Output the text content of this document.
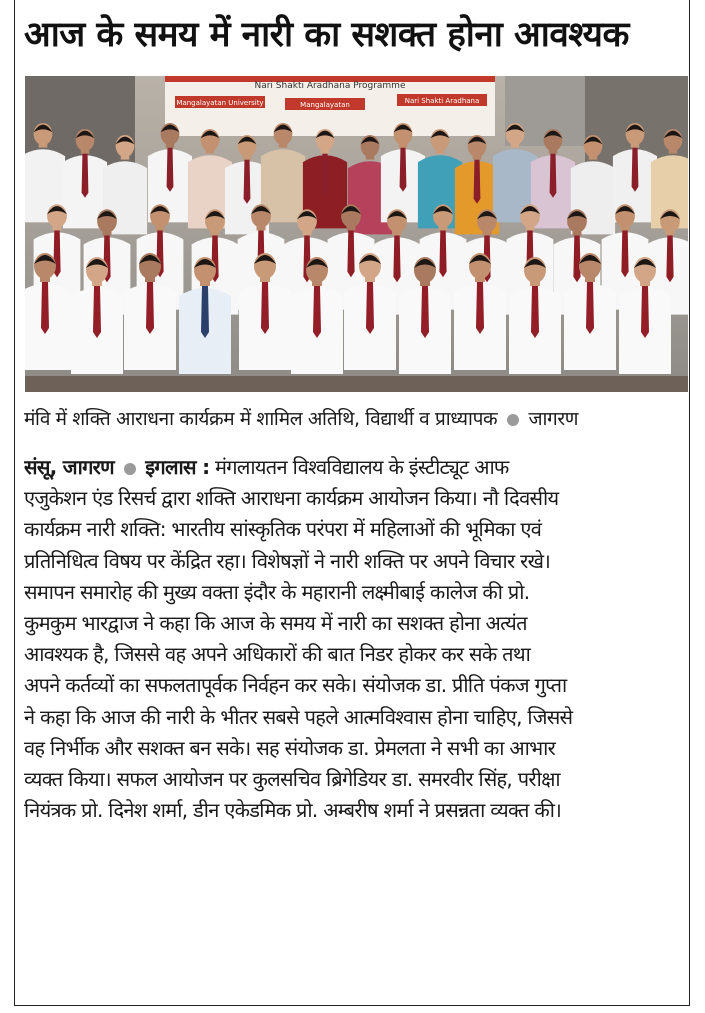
आज के समय में नारी का सशक्त होना आवश्यक
Nari Shakti Aradhana Programme
Mangalayatan University	Mangalayatan	Nari Shakti Aradhana
मंवि में शक्ति आराधना कार्यक्रम में शामिल अतिथि, विद्यार्थी व प्राध्यापक जागरण
संसू, जागरण इगलास : मंगलायतन विश्वविद्यालय के इंस्टीट्यूट आफ
एजुकेशन एंड रिसर्च द्वारा शक्ति आराधना कार्यक्रम आयोजन किया। नौ दिवसीय
कार्यक्रम नारी शक्ति: भारतीय सांस्कृतिक परंपरा में महिलाओं की भूमिका एवं
प्रतिनिधित्व विषय पर केंद्रित रहा। विशेषज्ञों ने नारी शक्ति पर अपने विचार रखे।
समापन समारोह की मुख्य वक्ता इंदौर के महारानी लक्ष्मीबाई कालेज की प्रो.
कुमकुम भारद्वाज ने कहा कि आज के समय में नारी का सशक्त होना अत्यंत
आवश्यक है, जिससे वह अपने अधिकारों की बात निडर होकर कर सके तथा
अपने कर्तव्यों का सफलतापूर्वक निर्वहन कर सके। संयोजक डा. प्रीति पंकज गुप्ता
ने कहा कि आज की नारी के भीतर सबसे पहले आत्मविश्वास होना चाहिए, जिससे
वह निर्भीक और सशक्त बन सके। सह संयोजक डा. प्रेमलता ने सभी का आभार
व्यक्त किया। सफल आयोजन पर कुलसचिव ब्रिगेडियर डा. समरवीर सिंह, परीक्षा
नियंत्रक प्रो. दिनेश शर्मा, डीन एकेडमिक प्रो. अम्बरीष शर्मा ने प्रसन्नता व्यक्त की।
